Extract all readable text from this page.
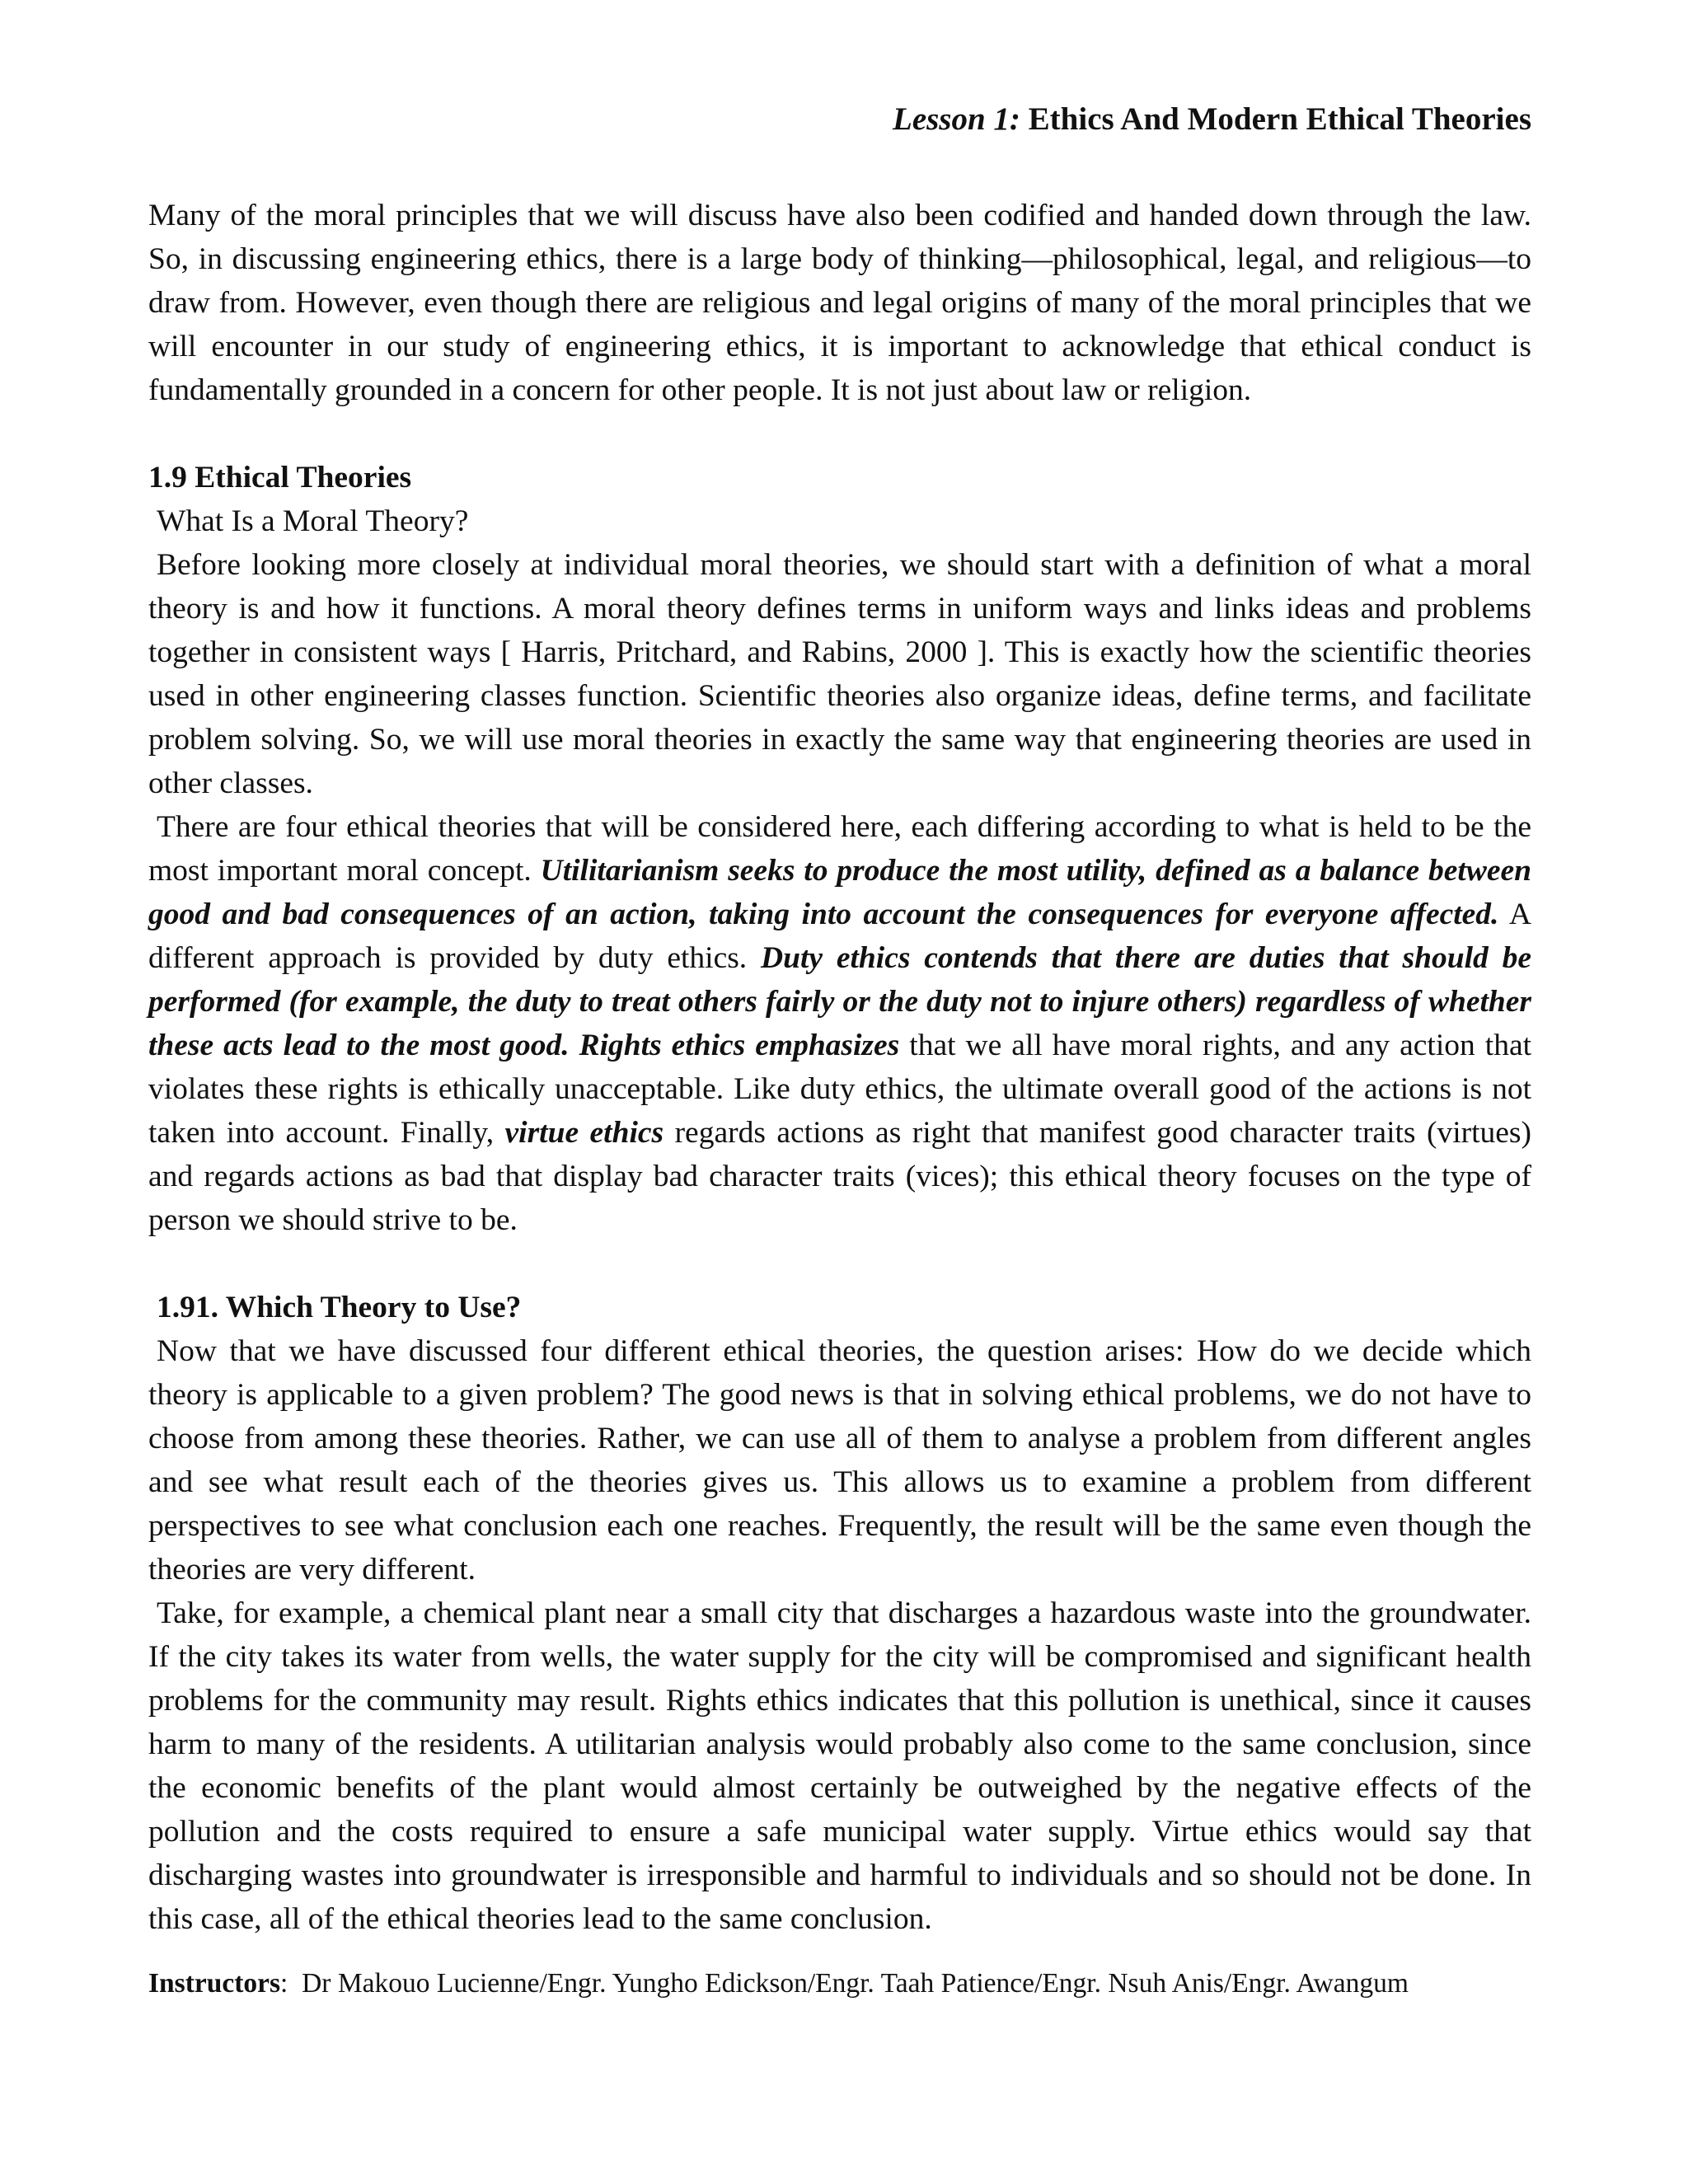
Lesson 1: Ethics And Modern Ethical Theories

Many of the moral principles that we will discuss have also been codified and handed down through the law. So, in discussing engineering ethics, there is a large body of thinking—philosophical, legal, and religious—to draw from. However, even though there are religious and legal origins of many of the moral principles that we will encounter in our study of engineering ethics, it is important to acknowledge that ethical conduct is fundamentally grounded in a concern for other people. It is not just about law or religion.

1.9 Ethical Theories
What Is a Moral Theory?

Before looking more closely at individual moral theories, we should start with a definition of what a moral theory is and how it functions. A moral theory defines terms in uniform ways and links ideas and problems together in consistent ways [ Harris, Pritchard, and Rabins, 2000 ]. This is exactly how the scientific theories used in other engineering classes function. Scientific theories also organize ideas, define terms, and facilitate problem solving. So, we will use moral theories in exactly the same way that engineering theories are used in other classes.

There are four ethical theories that will be considered here, each differing according to what is held to be the most important moral concept. Utilitarianism seeks to produce the most utility, defined as a balance between good and bad consequences of an action, taking into account the consequences for everyone affected. A different approach is provided by duty ethics. Duty ethics contends that there are duties that should be performed (for example, the duty to treat others fairly or the duty not to injure others) regardless of whether these acts lead to the most good. Rights ethics emphasizes that we all have moral rights, and any action that violates these rights is ethically unacceptable. Like duty ethics, the ultimate overall good of the actions is not taken into account. Finally, virtue ethics regards actions as right that manifest good character traits (virtues) and regards actions as bad that display bad character traits (vices); this ethical theory focuses on the type of person we should strive to be.

1.91. Which Theory to Use?

Now that we have discussed four different ethical theories, the question arises: How do we decide which theory is applicable to a given problem? The good news is that in solving ethical problems, we do not have to choose from among these theories. Rather, we can use all of them to analyse a problem from different angles and see what result each of the theories gives us. This allows us to examine a problem from different perspectives to see what conclusion each one reaches. Frequently, the result will be the same even though the theories are very different.

Take, for example, a chemical plant near a small city that discharges a hazardous waste into the groundwater. If the city takes its water from wells, the water supply for the city will be compromised and significant health problems for the community may result. Rights ethics indicates that this pollution is unethical, since it causes harm to many of the residents. A utilitarian analysis would probably also come to the same conclusion, since the economic benefits of the plant would almost certainly be outweighed by the negative effects of the pollution and the costs required to ensure a safe municipal water supply. Virtue ethics would say that discharging wastes into groundwater is irresponsible and harmful to individuals and so should not be done. In this case, all of the ethical theories lead to the same conclusion.

Instructors: Dr Makouo Lucienne/Engr. Yungho Edickson/Engr. Taah Patience/Engr. Nsuh Anis/Engr. Awangum
